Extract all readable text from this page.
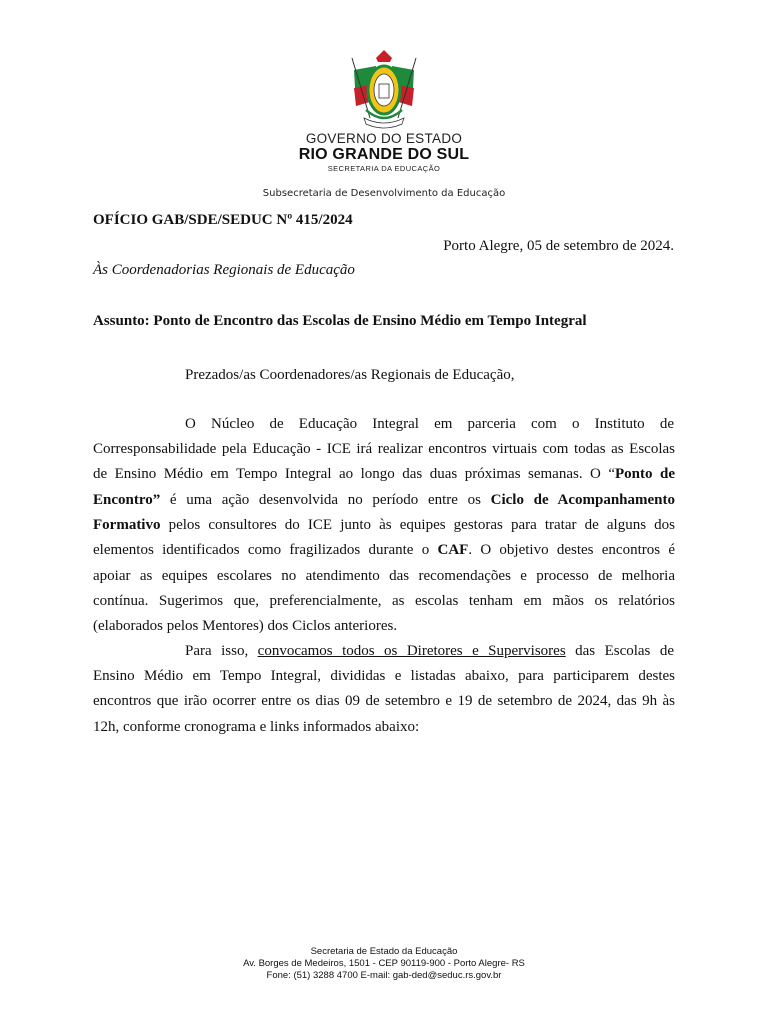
GOVERNO DO ESTADO
RIO GRANDE DO SUL
SECRETARIA DA EDUCAÇÃO
Subsecretaria de Desenvolvimento da Educação
OFÍCIO GAB/SDE/SEDUC Nº 415/2024
Porto Alegre, 05 de setembro de 2024.
Às Coordenadorias Regionais de Educação
Assunto: Ponto de Encontro das Escolas de Ensino Médio em Tempo Integral
Prezados/as Coordenadores/as Regionais de Educação,
O Núcleo de Educação Integral em parceria com o Instituto de
Corresponsabilidade pela Educação - ICE irá realizar encontros virtuais com todas as Escolas
de Ensino Médio em Tempo Integral ao longo das duas próximas semanas. O “Ponto de
Encontro” é uma ação desenvolvida no período entre os Ciclo de Acompanhamento
Formativo pelos consultores do ICE junto às equipes gestoras para tratar de alguns dos
elementos identificados como fragilizados durante o CAF. O objetivo destes encontros é
apoiar as equipes escolares no atendimento das recomendações e processo de melhoria
contínua. Sugerimos que, preferencialmente, as escolas tenham em mãos os relatórios
(elaborados pelos Mentores) dos Ciclos anteriores.
Para isso, convocamos todos os Diretores e Supervisores das Escolas de
Ensino Médio em Tempo Integral, divididas e listadas abaixo, para participarem destes
encontros que irão ocorrer entre os dias 09 de setembro e 19 de setembro de 2024, das 9h às
12h, conforme cronograma e links informados abaixo:
Secretaria de Estado da Educação
Av. Borges de Medeiros, 1501 - CEP 90119-900 - Porto Alegre- RS
Fone: (51) 3288 4700 E-mail: gab-ded@seduc.rs.gov.br
